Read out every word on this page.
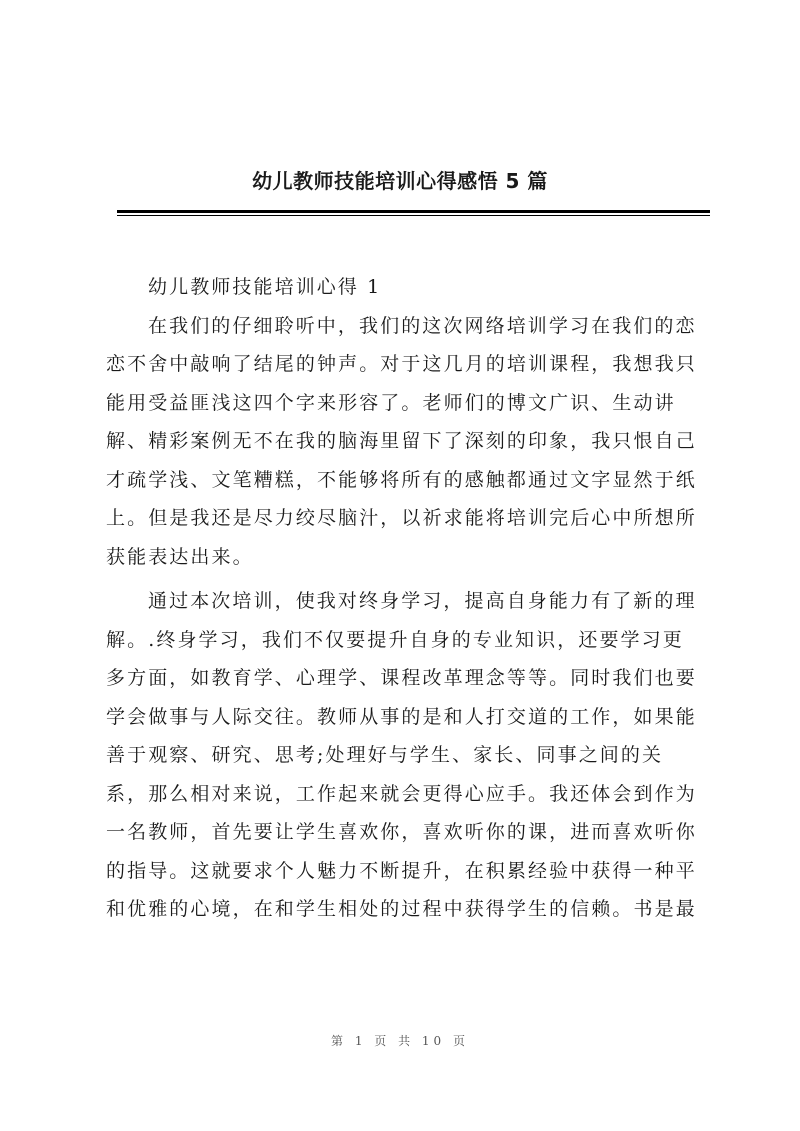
幼儿教师技能培训心得感悟 5 篇
幼儿教师技能培训心得 1
在我们的仔细聆听中，我们的这次网络培训学习在我们的恋
恋不舍中敲响了结尾的钟声。对于这几月的培训课程，我想我只
能用受益匪浅这四个字来形容了。老师们的博文广识、生动讲
解、精彩案例无不在我的脑海里留下了深刻的印象，我只恨自己
才疏学浅、文笔糟糕，不能够将所有的感触都通过文字显然于纸
上。但是我还是尽力绞尽脑汁，以祈求能将培训完后心中所想所
获能表达出来。
通过本次培训，使我对终身学习，提高自身能力有了新的理
解。.终身学习，我们不仅要提升自身的专业知识，还要学习更
多方面，如教育学、心理学、课程改革理念等等。同时我们也要
学会做事与人际交往。教师从事的是和人打交道的工作，如果能
善于观察、研究、思考;处理好与学生、家长、同事之间的关
系，那么相对来说，工作起来就会更得心应手。我还体会到作为
一名教师，首先要让学生喜欢你，喜欢听你的课，进而喜欢听你
的指导。这就要求个人魅力不断提升，在积累经验中获得一种平
和优雅的心境，在和学生相处的过程中获得学生的信赖。书是最
第 1 页 共 10 页
